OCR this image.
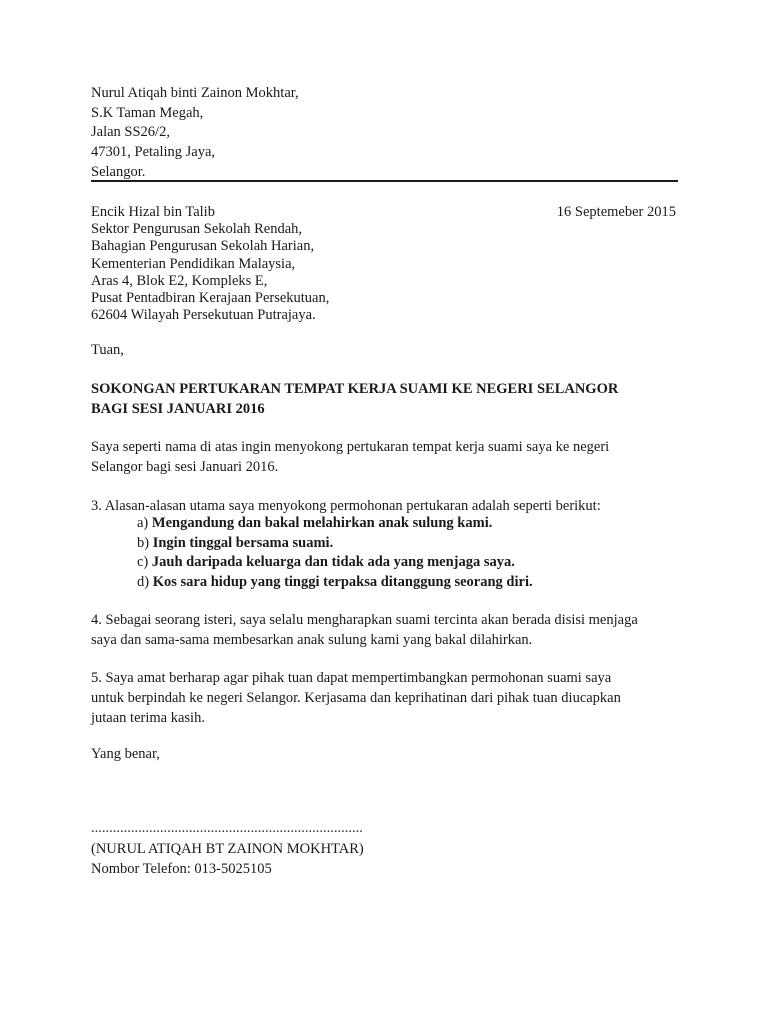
Nurul Atiqah binti Zainon Mokhtar,
S.K Taman Megah,
Jalan SS26/2,
47301, Petaling Jaya,
Selangor.
Encik Hizal bin Talib
Sektor Pengurusan Sekolah Rendah,
Bahagian Pengurusan Sekolah Harian,
Kementerian Pendidikan Malaysia,
Aras 4, Blok E2, Kompleks E,
Pusat Pentadbiran Kerajaan Persekutuan,
62604 Wilayah Persekutuan Putrajaya.
16 Septemeber 2015
Tuan,
SOKONGAN PERTUKARAN TEMPAT KERJA SUAMI KE NEGERI SELANGOR
BAGI SESI JANUARI 2016
Saya seperti nama di atas ingin menyokong pertukaran tempat kerja suami saya ke negeri
Selangor bagi sesi Januari 2016.
3. Alasan-alasan utama saya menyokong permohonan pertukaran adalah seperti berikut:
a) Mengandung dan bakal melahirkan anak sulung kami.
b) Ingin tinggal bersama suami.
c) Jauh daripada keluarga dan tidak ada yang menjaga saya.
d) Kos sara hidup yang tinggi terpaksa ditanggung seorang diri.
4. Sebagai seorang isteri, saya selalu mengharapkan suami tercinta akan berada disisi menjaga
saya dan sama-sama membesarkan anak sulung kami yang bakal dilahirkan.
5. Saya amat berharap agar pihak tuan dapat mempertimbangkan permohonan suami saya
untuk berpindah ke negeri Selangor. Kerjasama dan keprihatinan dari pihak tuan diucapkan
jutaan terima kasih.
Yang benar,
...........................................................................
(NURUL ATIQAH BT ZAINON MOKHTAR)
Nombor Telefon: 013-5025105
